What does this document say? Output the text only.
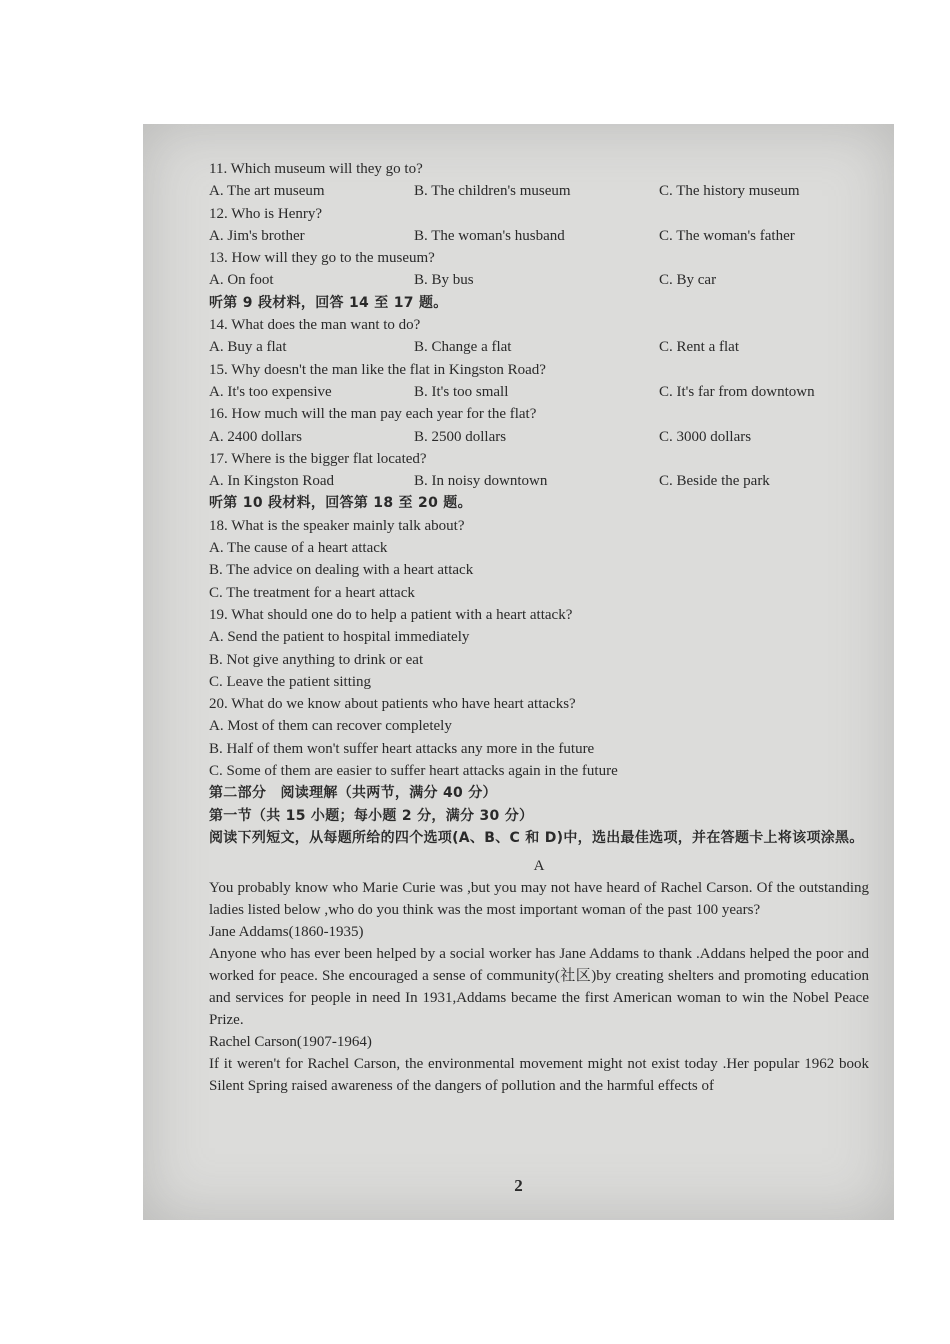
11. Which museum will they go to?
A. The art museum	B. The children's museum	C. The history museum
12. Who is Henry?
A. Jim's brother	B. The woman's husband	C. The woman's father
13. How will they go to the museum?
A. On foot	B. By bus	C. By car
听第 9 段材料，回答 14 至 17 题。
14. What does the man want to do?
A. Buy a flat	B. Change a flat	C. Rent a flat
15. Why doesn't the man like the flat in Kingston Road?
A. It's too expensive	B. It's too small	C. It's far from downtown
16. How much will the man pay each year for the flat?
A. 2400 dollars	B. 2500 dollars	C. 3000 dollars
17. Where is the bigger flat located?
A. In Kingston Road	B. In noisy downtown	C. Beside the park
听第 10 段材料，回答第 18 至 20 题。
18. What is the speaker mainly talk about?
A. The cause of a heart attack
B. The advice on dealing with a heart attack
C. The treatment for a heart attack
19. What should one do to help a patient with a heart attack?
A. Send the patient to hospital immediately
B. Not give anything to drink or eat
C. Leave the patient sitting
20. What do we know about patients who have heart attacks?
A. Most of them can recover completely
B. Half of them won't suffer heart attacks any more in the future
C. Some of them are easier to suffer heart attacks again in the future
第二部分　阅读理解（共两节，满分 40 分）
第一节（共 15 小题；每小题 2 分，满分 30 分）

阅读下列短文，从每题所给的四个选项(A、B、C 和 D)中，选出最佳选项，并在答题卡上将该项涂黑。

A

You probably know who Marie Curie was ,but you may not have heard of Rachel Carson. Of the outstanding ladies listed below ,who do you think was the most important woman of the past 100 years?

Jane Addams(1860-1935)

Anyone who has ever been helped by a social worker has Jane Addams to thank .Addans helped the poor and worked for peace. She encouraged a sense of community(社区)by creating shelters and promoting education and services for people in need In 1931,Addams became the first American woman to win the Nobel Peace Prize.

Rachel Carson(1907-1964)

If it weren't for Rachel Carson, the environmental movement might not exist today .Her popular 1962 book Silent Spring raised awareness of the dangers of pollution and the harmful effects of

2
